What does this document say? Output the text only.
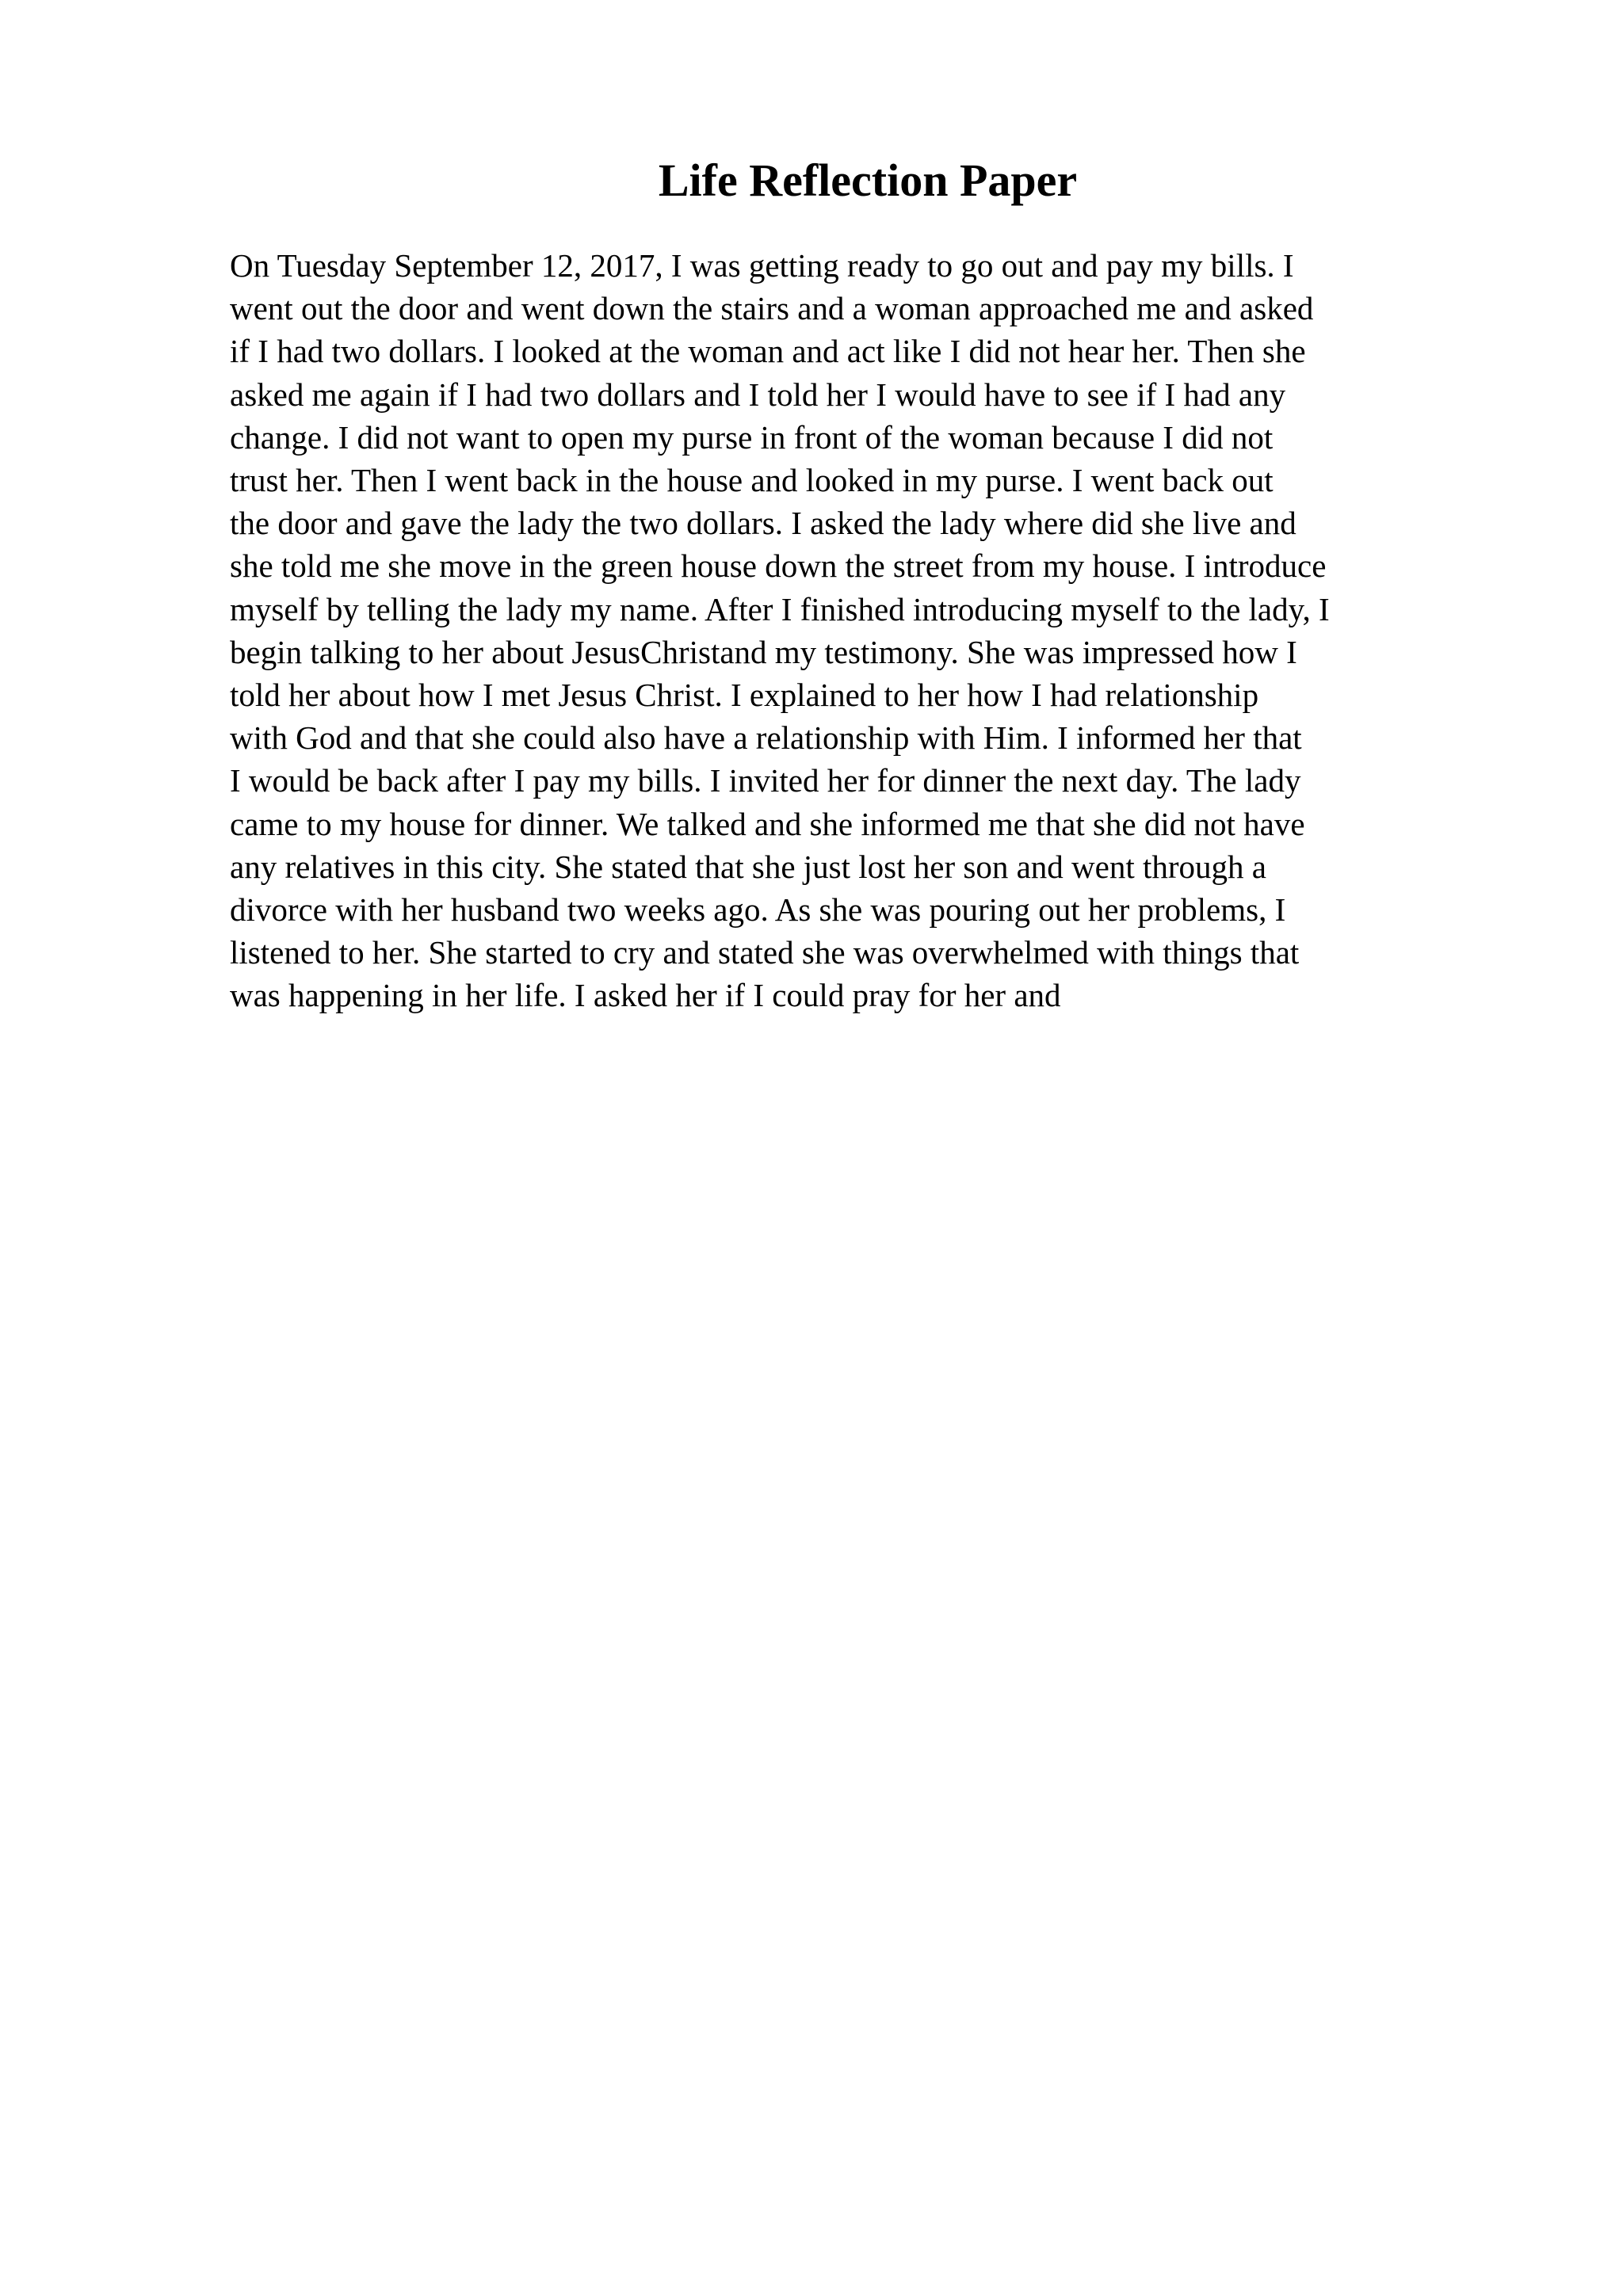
Life Reflection Paper
On Tuesday September 12, 2017, I was getting ready to go out and pay my bills. I
went out the door and went down the stairs and a woman approached me and asked
if I had two dollars. I looked at the woman and act like I did not hear her. Then she
asked me again if I had two dollars and I told her I would have to see if I had any
change. I did not want to open my purse in front of the woman because I did not
trust her. Then I went back in the house and looked in my purse. I went back out
the door and gave the lady the two dollars. I asked the lady where did she live and
she told me she move in the green house down the street from my house. I introduce
myself by telling the lady my name. After I finished introducing myself to the lady, I
begin talking to her about JesusChristand my testimony. She was impressed how I
told her about how I met Jesus Christ. I explained to her how I had relationship
with God and that she could also have a relationship with Him. I informed her that
I would be back after I pay my bills. I invited her for dinner the next day. The lady
came to my house for dinner. We talked and she informed me that she did not have
any relatives in this city. She stated that she just lost her son and went through a
divorce with her husband two weeks ago. As she was pouring out her problems, I
listened to her. She started to cry and stated she was overwhelmed with things that
was happening in her life. I asked her if I could pray for her and
